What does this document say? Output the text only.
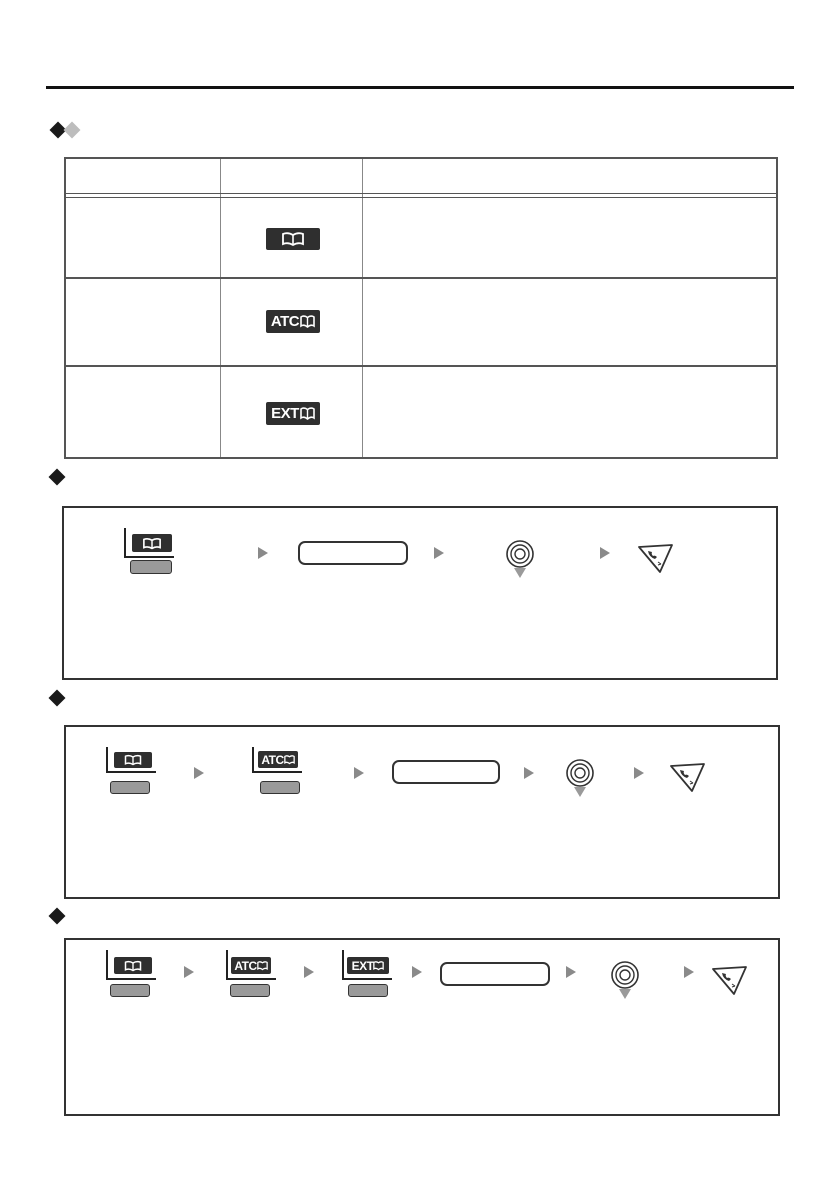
ATC
EXT
ATC
ATC	EXT
